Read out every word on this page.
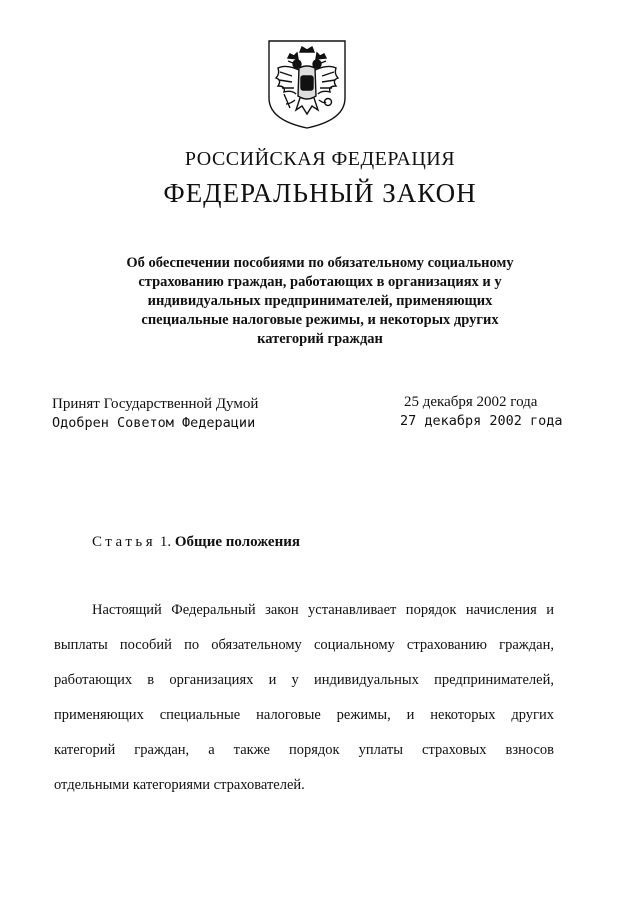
РОССИЙСКАЯ ФЕДЕРАЦИЯ
ФЕДЕРАЛЬНЫЙ ЗАКОН
Об обеспечении пособиями по обязательному социальному
страхованию граждан, работающих в организациях и у
индивидуальных предпринимателей, применяющих
специальные налоговые режимы, и некоторых других
категорий граждан
Принят Государственной Думой	25 декабря 2002 года
Одобрен Советом Федерации	27 декабря 2002 года
Статья 1. Общие положения
Настоящий Федеральный закон устанавливает порядок начисления и
выплаты пособий по обязательному социальному страхованию граждан,
работающих в организациях и у индивидуальных предпринимателей,
применяющих специальные налоговые режимы, и некоторых других
категорий граждан, а также порядок уплаты страховых взносов
отдельными категориями страхователей.
